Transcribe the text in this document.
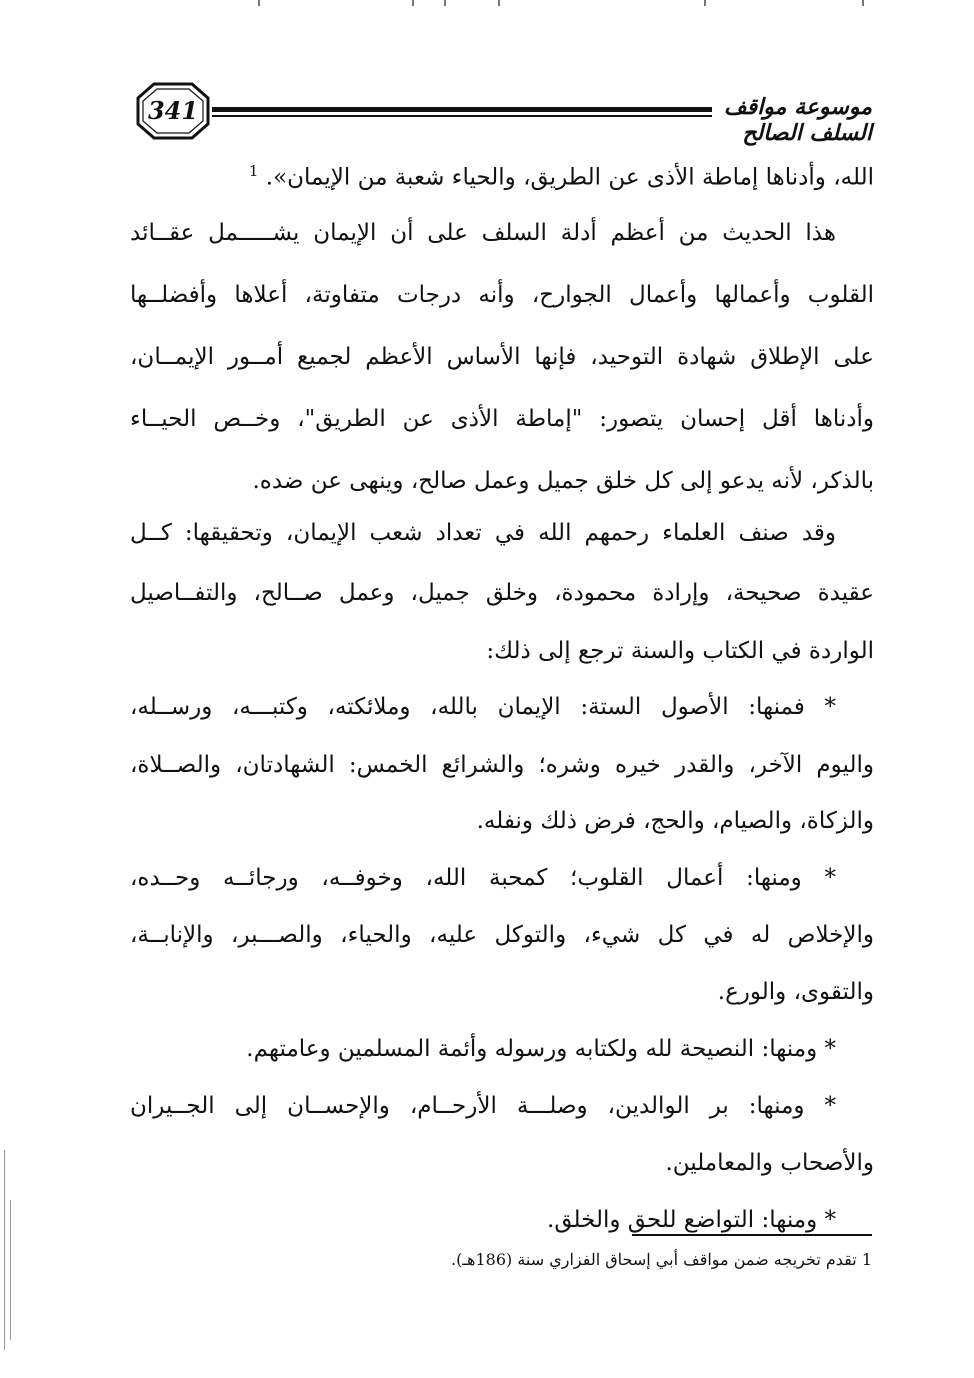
341	موسوعة مواقف السلف الصالح
الله، وأدناها إماطة الأذى عن الطريق، والحياء شعبة من الإيمان». $^1$
هذا الحديث من أعظم أدلة السلف على أن الإيمان يشـــــمل عقــائد
القلوب وأعمالها وأعمال الجوارح، وأنه درجات متفاوتة، أعلاها وأفضلــها
على الإطلاق شهادة التوحيد، فإنها الأساس الأعظم لجميع أمــور الإيمــان،
وأدناها أقل إحسان يتصور: "إماطة الأذى عن الطريق"، وخــص الحيــاء
بالذكر، لأنه يدعو إلى كل خلق جميل وعمل صالح، وينهى عن ضده.
وقد صنف العلماء رحمهم الله في تعداد شعب الإيمان، وتحقيقها: كــل
عقيدة صحيحة، وإرادة محمودة، وخلق جميل، وعمل صــالح، والتفــاصيل
الواردة في الكتاب والسنة ترجع إلى ذلك:
* فمنها: الأصول الستة: الإيمان بالله، وملائكته، وكتبـــه، ورســله،
واليوم الآخر، والقدر خيره وشره؛ والشرائع الخمس: الشهادتان، والصــلاة،
والزكاة، والصيام، والحج، فرض ذلك ونفله.
* ومنها: أعمال القلوب؛ كمحبة الله، وخوفــه، ورجائــه وحــده،
والإخلاص له في كل شيء، والتوكل عليه، والحياء، والصـــبر، والإنابــة،
والتقوى، والورع.
* ومنها: النصيحة لله ولكتابه ورسوله وأئمة المسلمين وعامتهم.
* ومنها: بر الوالدين، وصلـــة الأرحــام، والإحســان إلى الجــيران
والأصحاب والمعاملين.
* ومنها: التواضع للحق والخلق.
1 تقدم تخريجه ضمن مواقف أبي إسحاق الفزاري سنة (186هـ).
